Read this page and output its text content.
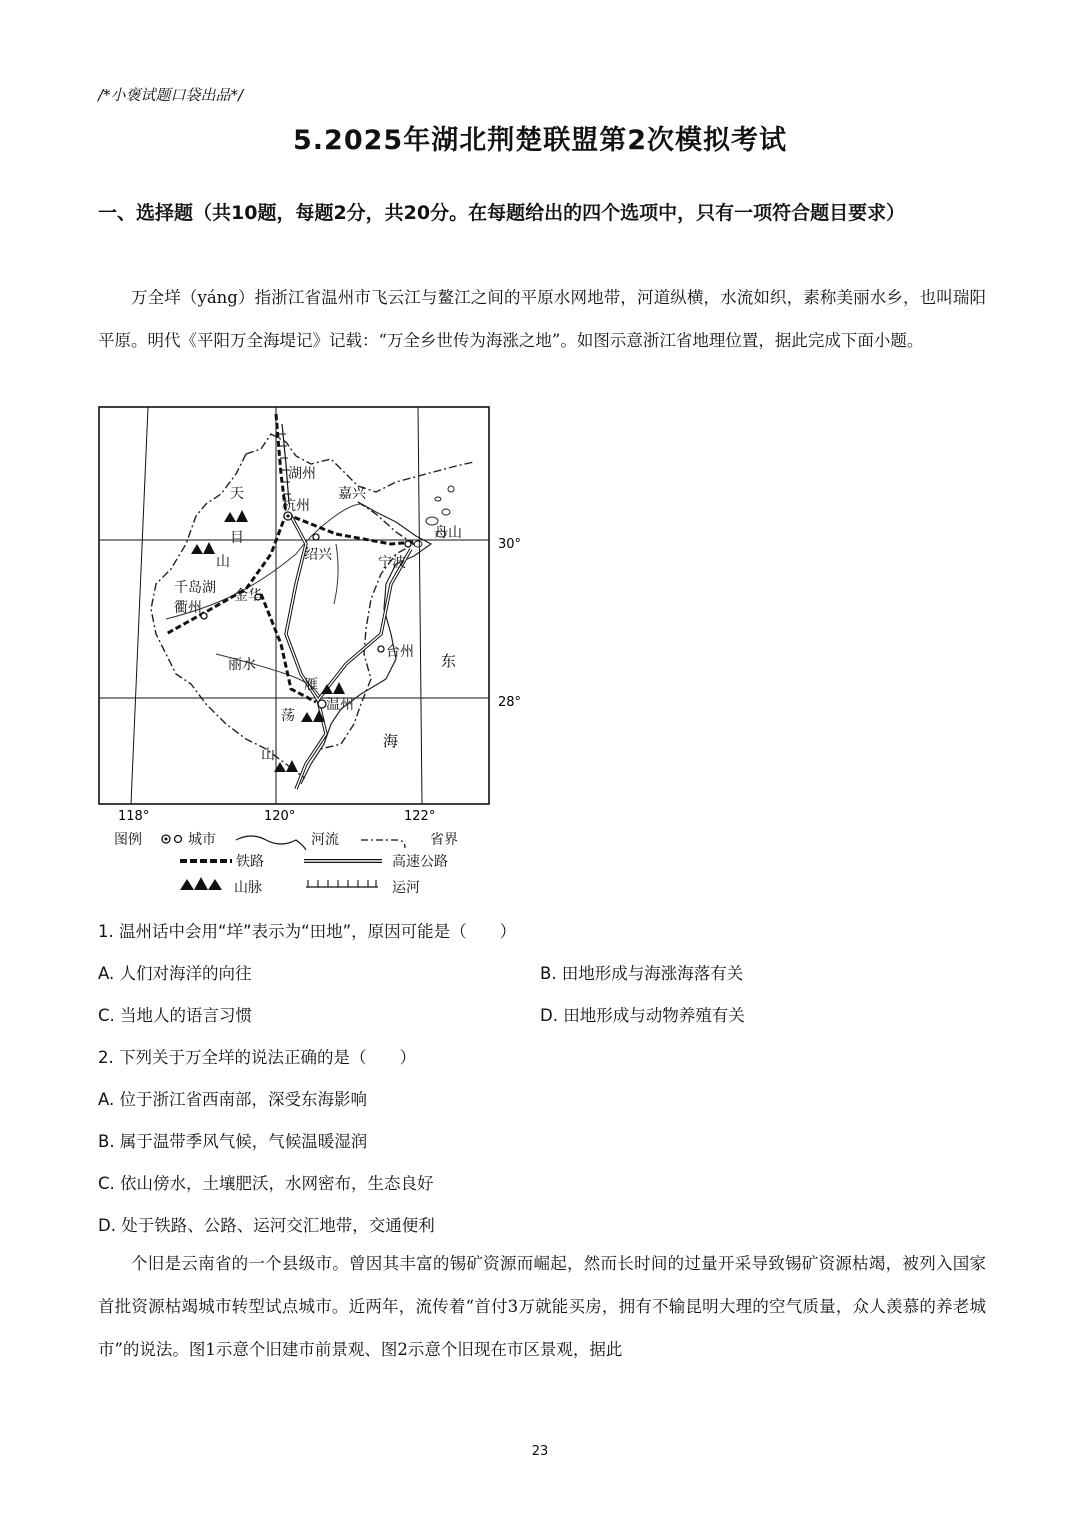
/*小褒试题口袋出品*/
5.2025年湖北荆楚联盟第2次模拟考试
一、选择题（共10题，每题2分，共20分。在每题给出的四个选项中，只有一项符合题目要求）
万全垟（yáng）指浙江省温州市飞云江与鳌江之间的平原水网地带，河道纵横，水流如织，素称美丽水乡，也叫瑞阳平原。明代《平阳万全海堤记》记载：“万全乡世传为海涨之地”。如图示意浙江省地理位置，据此完成下面小题。
湖州
嘉兴
杭州
舟山
绍兴	宁波
千岛湖
衢州
金华
台州
丽水
温州
天
目
山
雁
荡
山
东
海
30°
28°
118°	120°	122°
图例	城市	河流	省界
铁路	高速公路
山脉	运河
1. 温州话中会用“垟”表示为“田地”，原因可能是（　　）
A. 人们对海洋的向往	B. 田地形成与海涨海落有关
C. 当地人的语言习惯	D. 田地形成与动物养殖有关
2. 下列关于万全垟的说法正确的是（　　）
A. 位于浙江省西南部，深受东海影响
B. 属于温带季风气候，气候温暖湿润
C. 依山傍水，土壤肥沃，水网密布，生态良好
D. 处于铁路、公路、运河交汇地带，交通便利
个旧是云南省的一个县级市。曾因其丰富的锡矿资源而崛起，然而长时间的过量开采导致锡矿资源枯竭，被列入国家首批资源枯竭城市转型试点城市。近两年，流传着“首付3万就能买房，拥有不输昆明大理的空气质量，众人羡慕的养老城市”的说法。图1示意个旧建市前景观、图2示意个旧现在市区景观，据此
23
